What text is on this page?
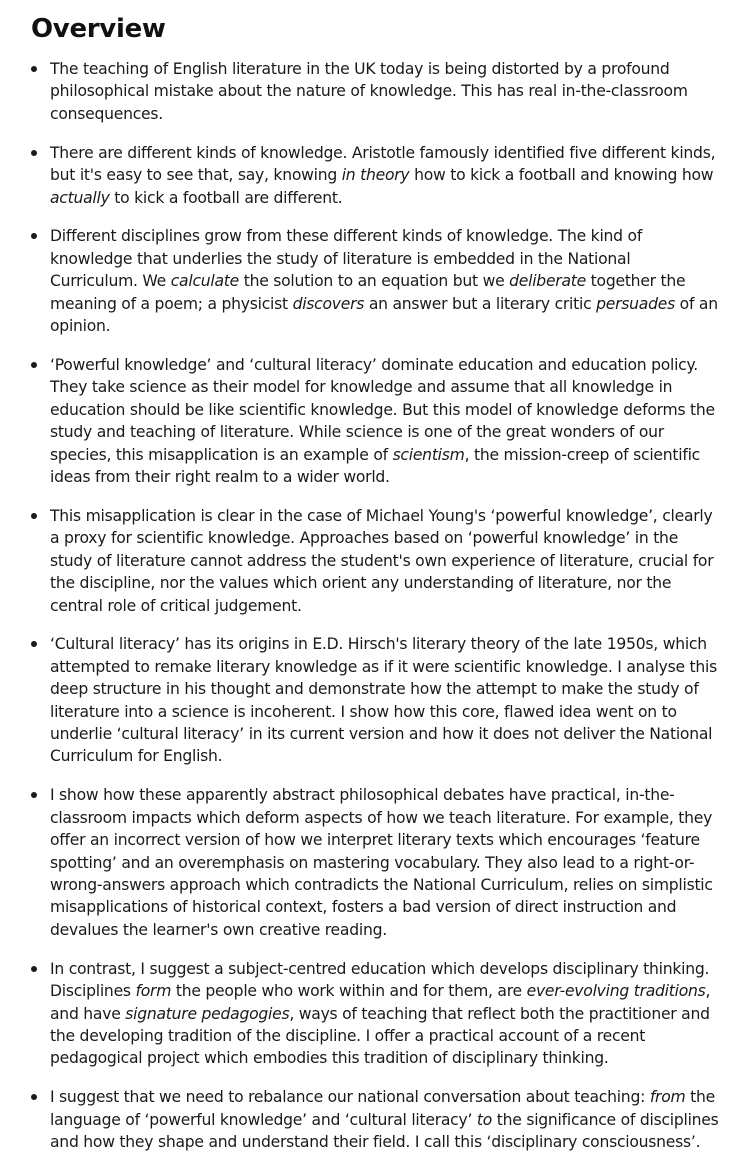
Overview
The teaching of English literature in the UK today is being distorted by a profound philosophical mistake about the nature of knowledge. This has real in-the-classroom consequences.
There are different kinds of knowledge. Aristotle famously identified five different kinds, but it's easy to see that, say, knowing in theory how to kick a football and knowing how actually to kick a football are different.
Different disciplines grow from these different kinds of knowledge. The kind of knowledge that underlies the study of literature is embedded in the National Curriculum. We calculate the solution to an equation but we deliberate together the meaning of a poem; a physicist discovers an answer but a literary critic persuades of an opinion.
‘Powerful knowledge’ and ‘cultural literacy’ dominate education and education policy. They take science as their model for knowledge and assume that all knowledge in education should be like scientific knowledge. But this model of knowledge deforms the study and teaching of literature. While science is one of the great wonders of our species, this misapplication is an example of scientism, the mission-creep of scientific ideas from their right realm to a wider world.
This misapplication is clear in the case of Michael Young's ‘powerful knowledge’, clearly a proxy for scientific knowledge. Approaches based on ‘powerful knowledge’ in the study of literature cannot address the student's own experience of literature, crucial for the discipline, nor the values which orient any understanding of literature, nor the central role of critical judgement.
‘Cultural literacy’ has its origins in E.D. Hirsch's literary theory of the late 1950s, which attempted to remake literary knowledge as if it were scientific knowledge. I analyse this deep structure in his thought and demonstrate how the attempt to make the study of literature into a science is incoherent. I show how this core, flawed idea went on to underlie ‘cultural literacy’ in its current version and how it does not deliver the National Curriculum for English.
I show how these apparently abstract philosophical debates have practical, in-the-classroom impacts which deform aspects of how we teach literature. For example, they offer an incorrect version of how we interpret literary texts which encourages ‘feature spotting’ and an overemphasis on mastering vocabulary. They also lead to a right-or-wrong-answers approach which contradicts the National Curriculum, relies on simplistic misapplications of historical context, fosters a bad version of direct instruction and devalues the learner's own creative reading.
In contrast, I suggest a subject-centred education which develops disciplinary thinking. Disciplines form the people who work within and for them, are ever-evolving traditions, and have signature pedagogies, ways of teaching that reflect both the practitioner and the developing tradition of the discipline. I offer a practical account of a recent pedagogical project which embodies this tradition of disciplinary thinking.
I suggest that we need to rebalance our national conversation about teaching: from the language of ‘powerful knowledge’ and ‘cultural literacy’ to the significance of disciplines and how they shape and understand their field. I call this ‘disciplinary consciousness’.
